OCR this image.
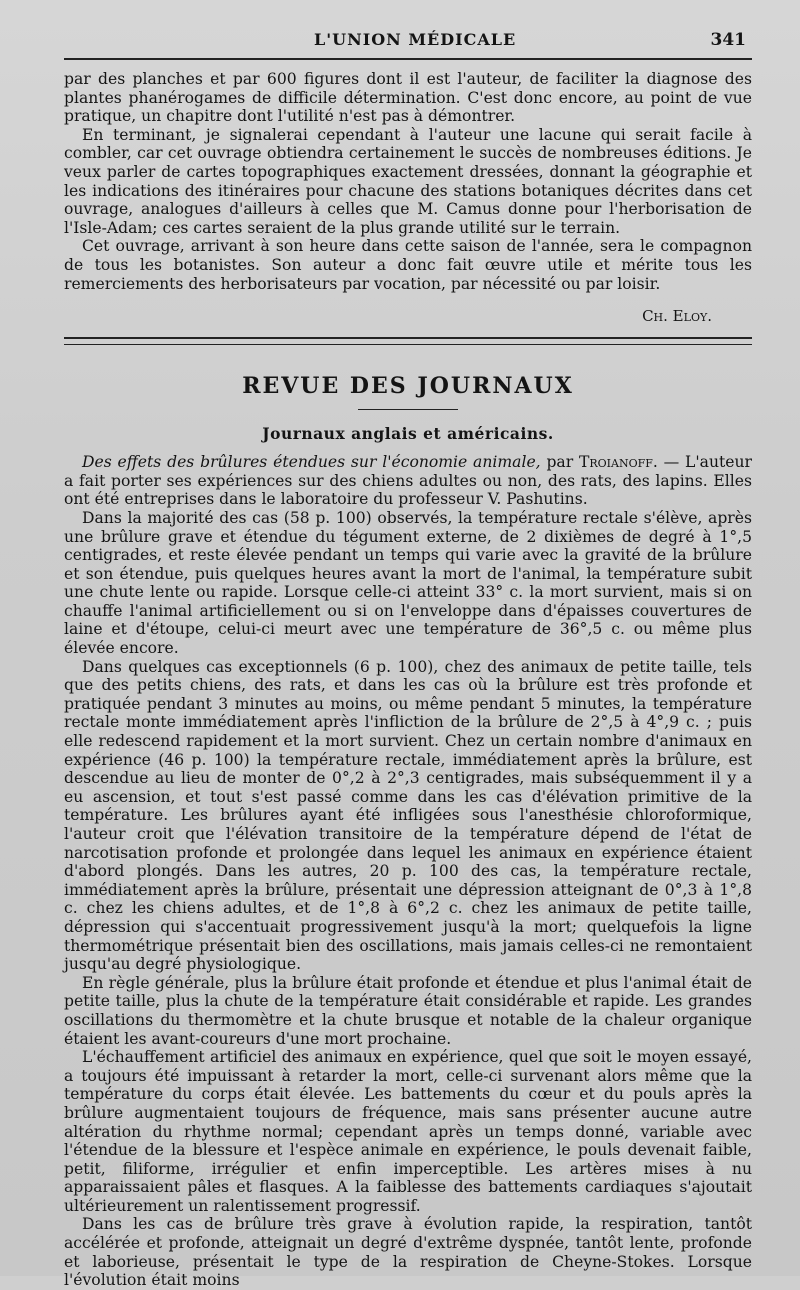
L'UNION MÉDICALE	341

par des planches et par 600 figures dont il est l'auteur, de faciliter la diagnose des plantes phanérogames de difficile détermination. C'est donc encore, au point de vue pratique, un chapitre dont l'utilité n'est pas à démontrer.

En terminant, je signalerai cependant à l'auteur une lacune qui serait facile à combler, car cet ouvrage obtiendra certainement le succès de nombreuses éditions. Je veux parler de cartes topographiques exactement dressées, donnant la géographie et les indications des itinéraires pour chacune des stations botaniques décrites dans cet ouvrage, analogues d'ailleurs à celles que M. Camus donne pour l'herborisation de l'Isle-Adam; ces cartes seraient de la plus grande utilité sur le terrain.

Cet ouvrage, arrivant à son heure dans cette saison de l'année, sera le compagnon de tous les botanistes. Son auteur a donc fait œuvre utile et mérite tous les remerciements des herborisateurs par vocation, par nécessité ou par loisir.

Ch. Eloy.
REVUE DES JOURNAUX
Journaux anglais et américains.

Des effets des brûlures étendues sur l'économie animale, par Troianoff. — L'auteur a fait porter ses expériences sur des chiens adultes ou non, des rats, des lapins. Elles ont été entreprises dans le laboratoire du professeur V. Pashutins.

Dans la majorité des cas (58 p. 100) observés, la température rectale s'élève, après une brûlure grave et étendue du tégument externe, de 2 dixièmes de degré à 1°,5 centigrades, et reste élevée pendant un temps qui varie avec la gravité de la brûlure et son étendue, puis quelques heures avant la mort de l'animal, la température subit une chute lente ou rapide. Lorsque celle-ci atteint 33° c. la mort survient, mais si on chauffe l'animal artificiellement ou si on l'enveloppe dans d'épaisses couvertures de laine et d'étoupe, celui-ci meurt avec une température de 36°,5 c. ou même plus élevée encore.

Dans quelques cas exceptionnels (6 p. 100), chez des animaux de petite taille, tels que des petits chiens, des rats, et dans les cas où la brûlure est très profonde et pratiquée pendant 3 minutes au moins, ou même pendant 5 minutes, la température rectale monte immédiatement après l'infliction de la brûlure de 2°,5 à 4°,9 c. ; puis elle redescend rapidement et la mort survient. Chez un certain nombre d'animaux en expérience (46 p. 100) la température rectale, immédiatement après la brûlure, est descendue au lieu de monter de 0°,2 à 2°,3 centigrades, mais subséquemment il y a eu ascension, et tout s'est passé comme dans les cas d'élévation primitive de la température. Les brûlures ayant été infligées sous l'anesthésie chloroformique, l'auteur croit que l'élévation transitoire de la température dépend de l'état de narcotisation profonde et prolongée dans lequel les animaux en expérience étaient d'abord plongés. Dans les autres, 20 p. 100 des cas, la température rectale, immédiatement après la brûlure, présentait une dépression atteignant de 0°,3 à 1°,8 c. chez les chiens adultes, et de 1°,8 à 6°,2 c. chez les animaux de petite taille, dépression qui s'accentuait progressivement jusqu'à la mort; quelquefois la ligne thermométrique présentait bien des oscillations, mais jamais celles-ci ne remontaient jusqu'au degré physiologique.

En règle générale, plus la brûlure était profonde et étendue et plus l'animal était de petite taille, plus la chute de la température était considérable et rapide. Les grandes oscillations du thermomètre et la chute brusque et notable de la chaleur organique étaient les avant-coureurs d'une mort prochaine.

L'échauffement artificiel des animaux en expérience, quel que soit le moyen essayé, a toujours été impuissant à retarder la mort, celle-ci survenant alors même que la température du corps était élevée. Les battements du cœur et du pouls après la brûlure augmentaient toujours de fréquence, mais sans présenter aucune autre altération du rhythme normal; cependant après un temps donné, variable avec l'étendue de la blessure et l'espèce animale en expérience, le pouls devenait faible, petit, filiforme, irrégulier et enfin imperceptible. Les artères mises à nu apparaissaient pâles et flasques. A la faiblesse des battements cardiaques s'ajoutait ultérieurement un ralentissement progressif.

Dans les cas de brûlure très grave à évolution rapide, la respiration, tantôt accélérée et profonde, atteignait un degré d'extrême dyspnée, tantôt lente, profonde et laborieuse, présentait le type de la respiration de Cheyne-Stokes. Lorsque l'évolution était moins
